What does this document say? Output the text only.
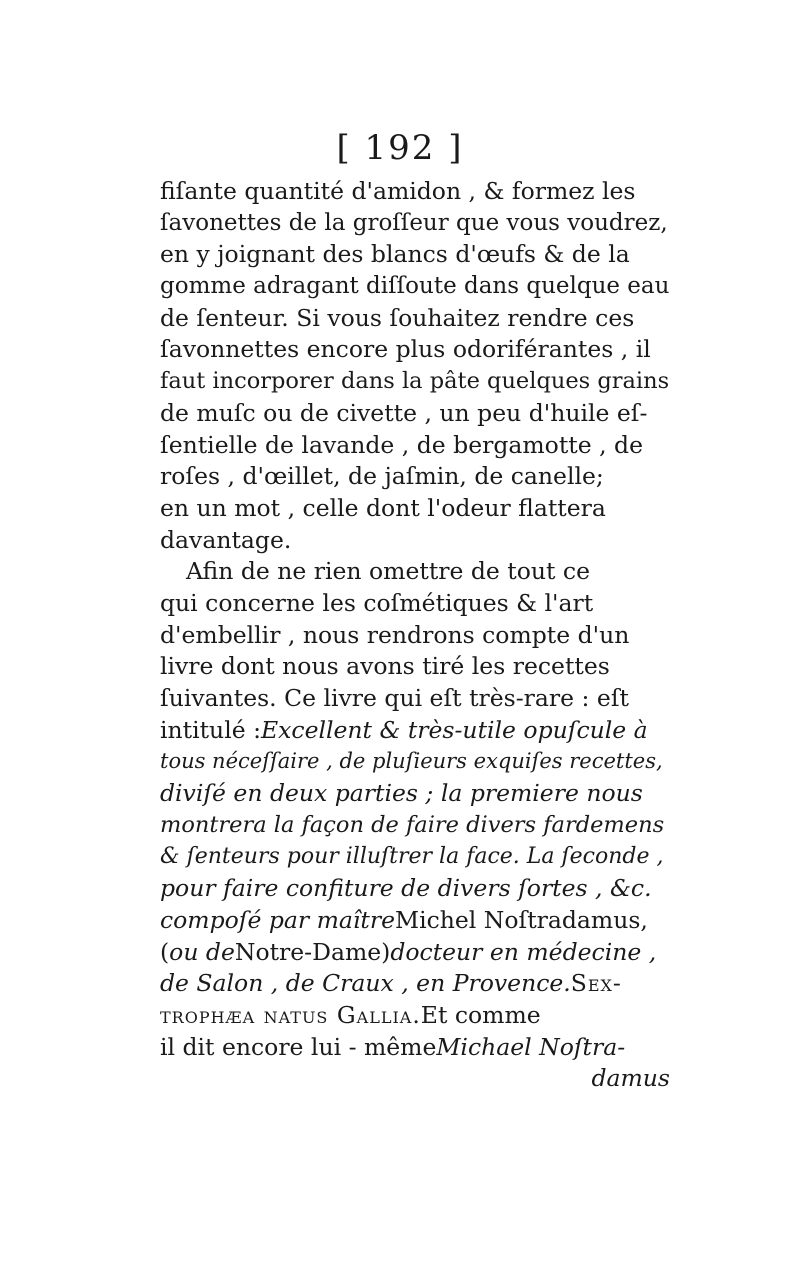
[ 192 ]
fiſante quantité d'amidon , & formez les
ſavonettes de la groſſeur que vous voudrez,
en y joignant des blancs d'œufs & de la
gomme adragant diſſoute dans quelque eau
de ſenteur. Si vous ſouhaitez rendre ces
ſavonnettes encore plus odoriférantes , il
faut incorporer dans la pâte quelques grains
de muſc ou de civette , un peu d'huile eſ-
ſentielle de lavande , de bergamotte , de
roſes , d'œillet, de jaſmin, de canelle;
en un mot , celle dont l'odeur flattera
davantage.
Afin de ne rien omettre de tout ce
qui concerne les coſmétiques & l'art
d'embellir , nous rendrons compte d'un
livre dont nous avons tiré les recettes
ſuivantes. Ce livre qui eſt très-rare : eſt
intitulé : Excellent & très-utile opuſcule à
tous néceſſaire , de pluſieurs exquiſes recettes,
diviſé en deux parties ; la premiere nous
montrera la façon de faire divers fardemens
& ſenteurs pour illuſtrer la face. La ſeconde ,
pour faire confiture de divers ſortes , &c.
compoſé par maître Michel Noſtradamus,
( ou de Notre-Dame) docteur en médecine ,
de Salon , de Craux , en Provence. Sex-
trophæa natus Gallia. Et comme
il dit encore lui - même Michael Noſtra-
damus
